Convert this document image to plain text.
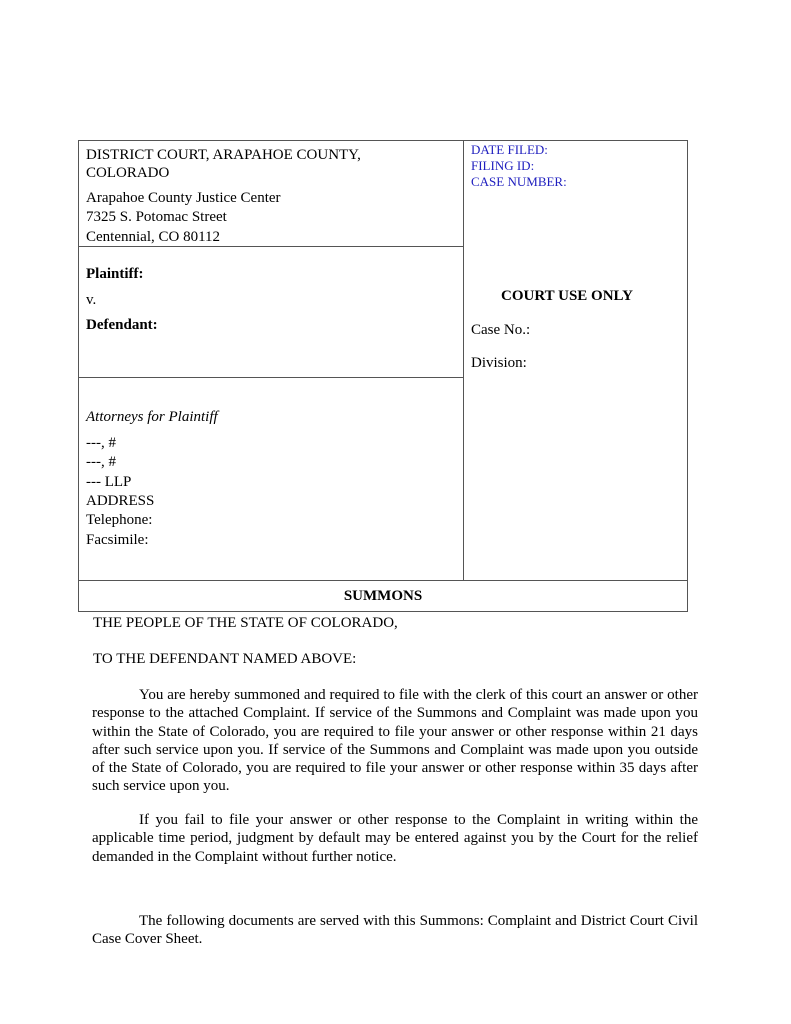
DISTRICT COURT, ARAPAHOE COUNTY,
COLORADO
Arapahoe County Justice Center
7325 S. Potomac Street
Centennial, CO 80112
Plaintiff:
v.
Defendant:
Attorneys for Plaintiff
---, #
---, #
--- LLP
ADDRESS
Telephone:
Facsimile:
DATE FILED:
FILING ID:
CASE NUMBER:
COURT USE ONLY
Case No.:
Division:
SUMMONS
THE PEOPLE OF THE STATE OF COLORADO,
TO THE DEFENDANT NAMED ABOVE:

You are hereby summoned and required to file with the clerk of this court an answer or other response to the attached Complaint. If service of the Summons and Complaint was made upon you within the State of Colorado, you are required to file your answer or other response within 21 days after such service upon you. If service of the Summons and Complaint was made upon you outside of the State of Colorado, you are required to file your answer or other response within 35 days after such service upon you.

If you fail to file your answer or other response to the Complaint in writing within the applicable time period, judgment by default may be entered against you by the Court for the relief demanded in the Complaint without further notice.

The following documents are served with this Summons: Complaint and District Court Civil Case Cover Sheet.
